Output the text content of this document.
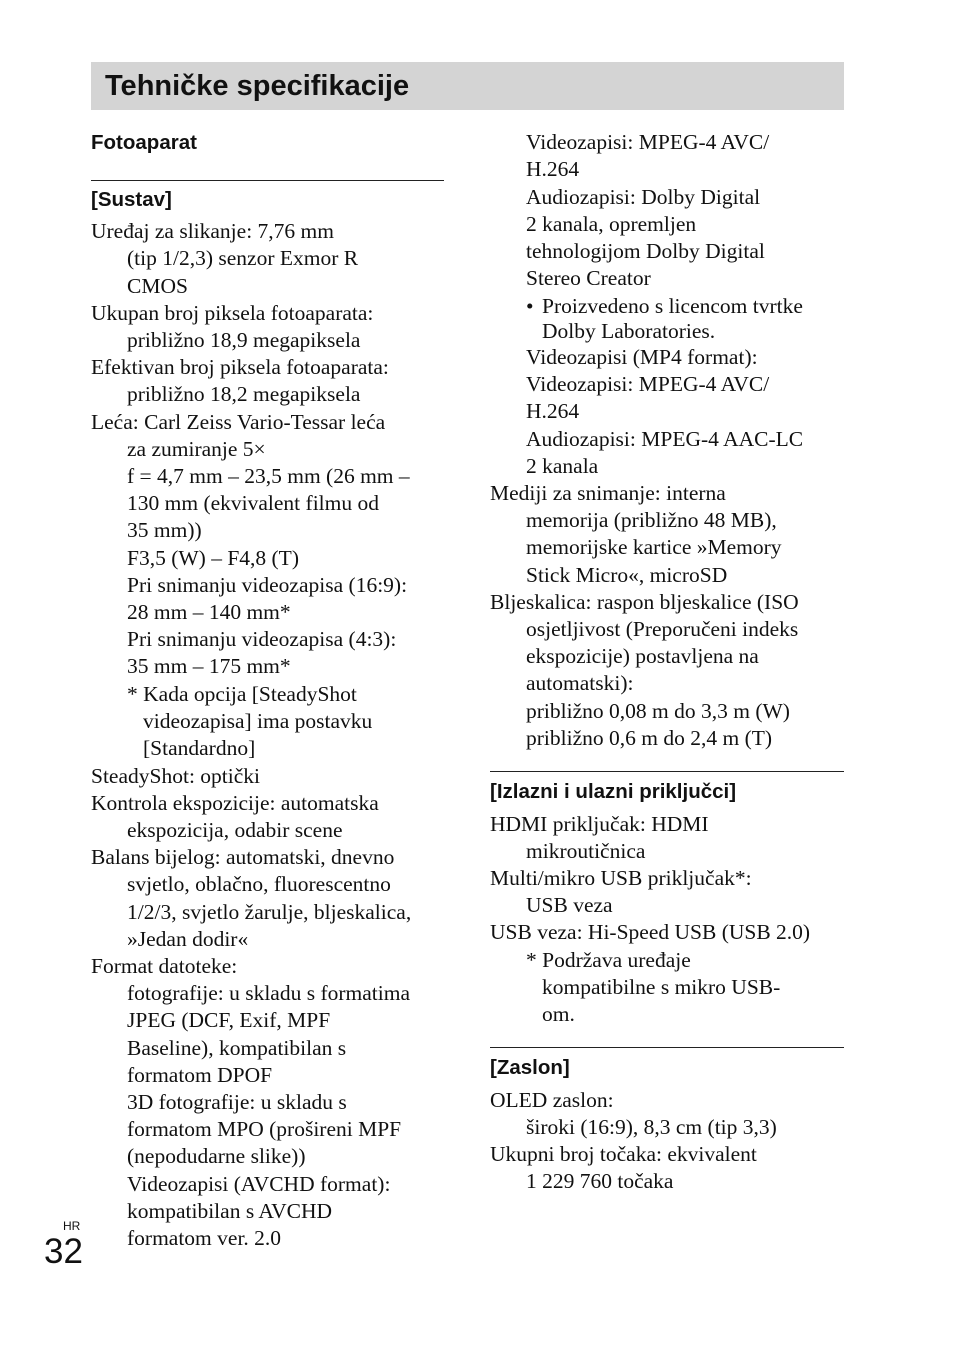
Tehničke specifikacije
Fotoaparat
[Sustav]
Uređaj za slikanje: 7,76 mm
(tip 1/2,3) senzor Exmor R
CMOS
Ukupan broj piksela fotoaparata:
približno 18,9 megapiksela
Efektivan broj piksela fotoaparata:
približno 18,2 megapiksela
Leća: Carl Zeiss Vario-Tessar leća
za zumiranje 5×
f = 4,7 mm – 23,5 mm (26 mm –
130 mm (ekvivalent filmu od
35 mm))
F3,5 (W) – F4,8 (T)
Pri snimanju videozapisa (16:9):
28 mm – 140 mm*
Pri snimanju videozapisa (4:3):
35 mm – 175 mm*
* Kada opcija [SteadyShot
videozapisa] ima postavku
[Standardno]
SteadyShot: optički
Kontrola ekspozicije: automatska
ekspozicija, odabir scene
Balans bijelog: automatski, dnevno
svjetlo, oblačno, fluorescentno
1/2/3, svjetlo žarulje, bljeskalica,
»Jedan dodir«
Format datoteke:
fotografije: u skladu s formatima
JPEG (DCF, Exif, MPF
Baseline), kompatibilan s
formatom DPOF
3D fotografije: u skladu s
formatom MPO (prošireni MPF
(nepodudarne slike))
Videozapisi (AVCHD format):
kompatibilan s AVCHD
formatom ver. 2.0
Videozapisi: MPEG-4 AVC/
H.264
Audiozapisi: Dolby Digital
2 kanala, opremljen
tehnologijom Dolby Digital
Stereo Creator
• Proizvedeno s licencom tvrtke
Dolby Laboratories.
Videozapisi (MP4 format):
Videozapisi: MPEG-4 AVC/
H.264
Audiozapisi: MPEG-4 AAC-LC
2 kanala
Mediji za snimanje: interna
memorija (približno 48 MB),
memorijske kartice »Memory
Stick Micro«, microSD
Bljeskalica: raspon bljeskalice (ISO
osjetljivost (Preporučeni indeks
ekspozicije) postavljena na
automatski):
približno 0,08 m do 3,3 m (W)
približno 0,6 m do 2,4 m (T)
[Izlazni i ulazni priključci]
HDMI priključak: HDMI
mikroutičnica
Multi/mikro USB priključak*:
USB veza
USB veza: Hi-Speed USB (USB 2.0)
* Podržava uređaje
kompatibilne s mikro USB-
om.
[Zaslon]
OLED zaslon:
široki (16:9), 8,3 cm (tip 3,3)
Ukupni broj točaka: ekvivalent
1 229 760 točaka
HR
32
